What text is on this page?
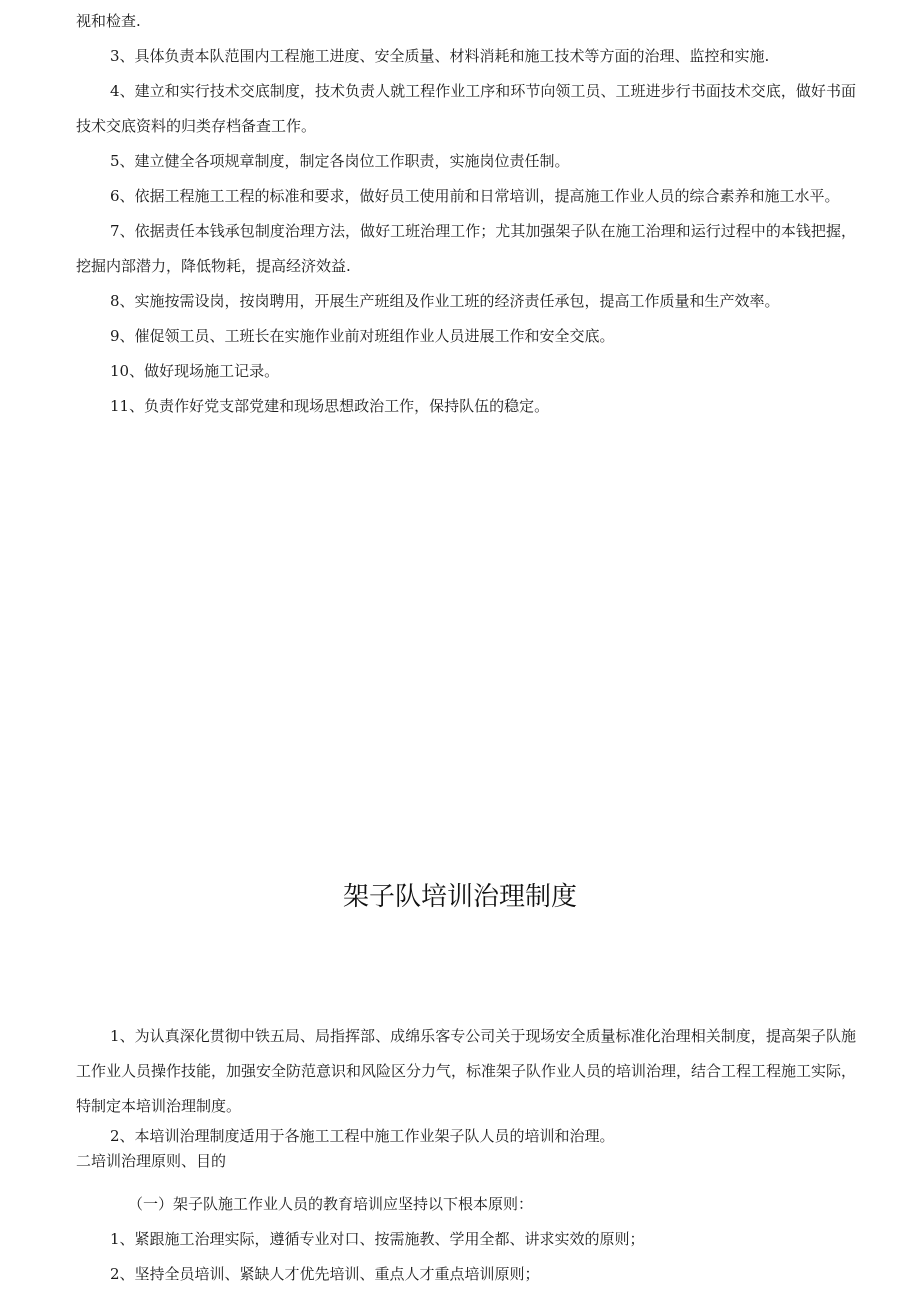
视和检查.

3、具体负责本队范围内工程施工进度、安全质量、材料消耗和施工技术等方面的治理、监控和实施.

4、建立和实行技术交底制度，技术负责人就工程作业工序和环节向领工员、工班进步行书面技术交底，做好书面技术交底资料的归类存档备查工作。

5、建立健全各项规章制度，制定各岗位工作职责，实施岗位责任制。

6、依据工程施工工程的标准和要求，做好员工使用前和日常培训，提高施工作业人员的综合素养和施工水平。

7、依据责任本钱承包制度治理方法，做好工班治理工作；尤其加强架子队在施工治理和运行过程中的本钱把握，挖掘内部潜力，降低物耗，提高经济效益.

8、实施按需设岗，按岗聘用，开展生产班组及作业工班的经济责任承包，提高工作质量和生产效率。

9、催促领工员、工班长在实施作业前对班组作业人员进展工作和安全交底。

10、做好现场施工记录。

11、负责作好党支部党建和现场思想政治工作，保持队伍的稳定。

架子队培训治理制度

1、为认真深化贯彻中铁五局、局指挥部、成绵乐客专公司关于现场安全质量标准化治理相关制度，提高架子队施工作业人员操作技能，加强安全防范意识和风险区分力气，标准架子队作业人员的培训治理，结合工程工程施工实际，特制定本培训治理制度。

2、本培训治理制度适用于各施工工程中施工作业架子队人员的培训和治理。

二培训治理原则、目的

（一）架子队施工作业人员的教育培训应坚持以下根本原则：

1、紧跟施工治理实际，遵循专业对口、按需施教、学用全都、讲求实效的原则；

2、坚持全员培训、紧缺人才优先培训、重点人才重点培训原则；
